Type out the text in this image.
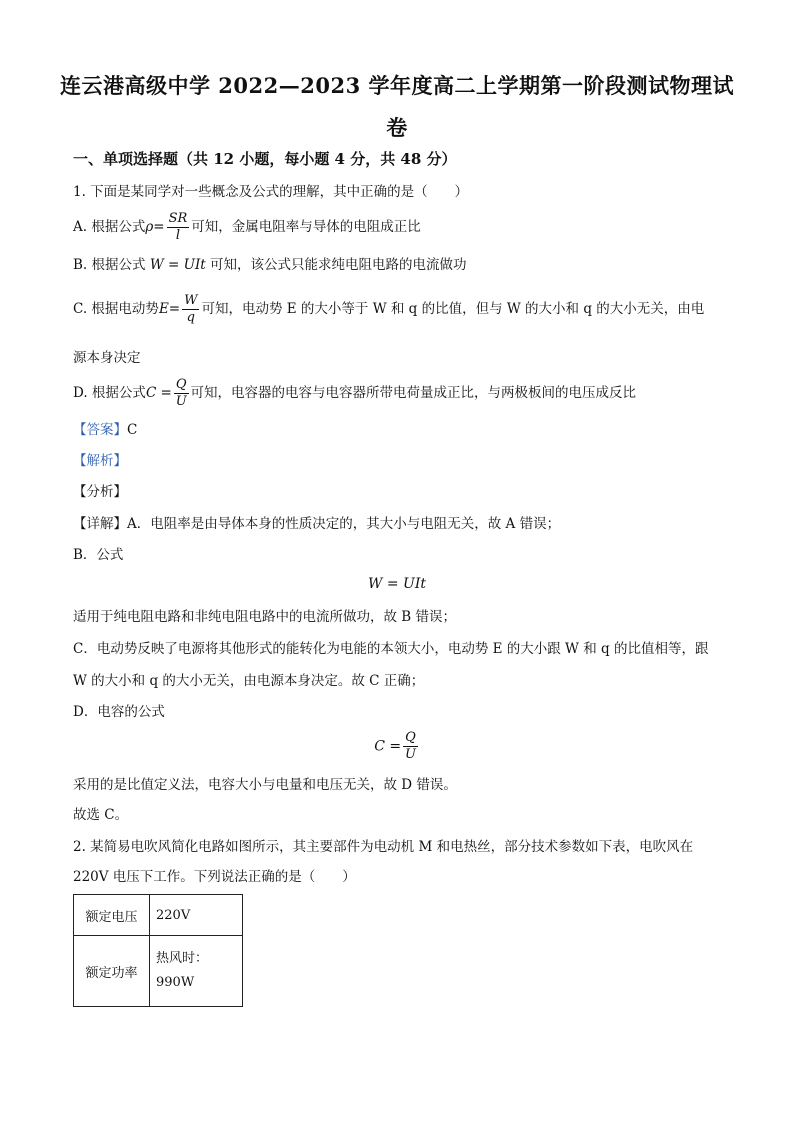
连云港高级中学 2022—2023 学年度高二上学期第一阶段测试物理试
卷
一、单项选择题（共 12 小题，每小题 4 分，共 48 分）
1. 下面是某同学对一些概念及公式的理解，其中正确的是（　　）
A. 根据公式$\rho= \frac{SR}{l}$ 可知，金属电阻率与导体的电阻成正比
B. 根据公式 W = UIt 可知，该公式只能求纯电阻电路的电流做功
C. 根据电动势$E= \frac{W}{q}$ 可知，电动势 E 的大小等于 W 和 q 的比值，但与 W 的大小和 q 的大小无关，由电
源本身决定
D. 根据公式$C = \frac{Q}{U}$ 可知，电容器的电容与电容器所带电荷量成正比，与两极板间的电压成反比
【答案】C
【解析】
【分析】
【详解】A．电阻率是由导体本身的性质决定的，其大小与电阻无关，故 A 错误；
B．公式
W = UIt
适用于纯电阻电路和非纯电阻电路中的电流所做功，故 B 错误；
C．电动势反映了电源将其他形式的能转化为电能的本领大小，电动势 E 的大小跟 W 和 q 的比值相等，跟
W 的大小和 q 的大小无关，由电源本身决定。故 C 正确；
D．电容的公式
$C = \frac{Q}{U}$
采用的是比值定义法，电容大小与电量和电压无关，故 D 错误。
故选 C。
2. 某简易电吹风简化电路如图所示，其主要部件为电动机 M 和电热丝，部分技术参数如下表，电吹风在
220V 电压下工作。下列说法正确的是（　　）
额定电压	220V
额定功率	热风时：
990W
